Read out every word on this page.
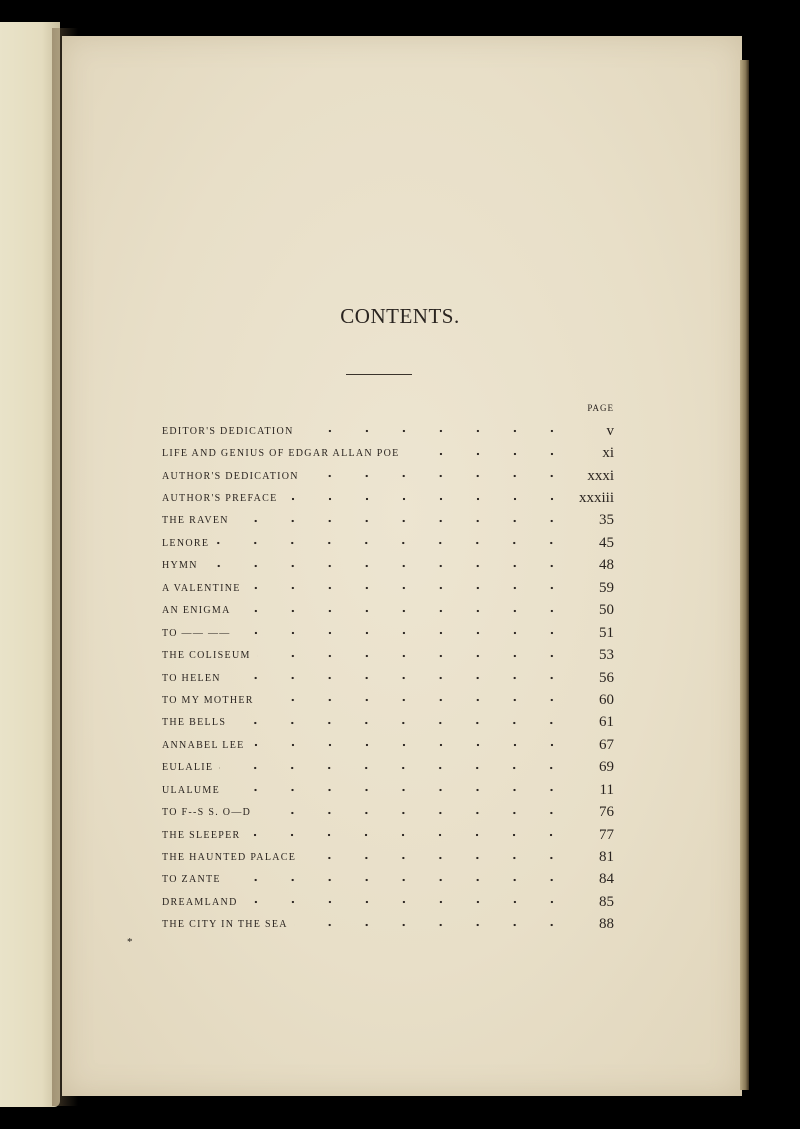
CONTENTS.
PAGE
EDITOR'S DEDICATION	v
LIFE AND GENIUS OF EDGAR ALLAN POE	xi
AUTHOR'S DEDICATION	xxxi
AUTHOR'S PREFACE	xxxiii
THE RAVEN	35
LENORE	45
HYMN	48
A VALENTINE	59
AN ENIGMA	50
TO —— ——	51
THE COLISEUM	53
TO HELEN	56
TO MY MOTHER	60
THE BELLS	61
ANNABEL LEE	67
EULALIE	69
ULALUME	11
TO F--S S. O—D	76
THE SLEEPER	77
THE HAUNTED PALACE	81
TO ZANTE	84
DREAMLAND	85
THE CITY IN THE SEA	88
*
